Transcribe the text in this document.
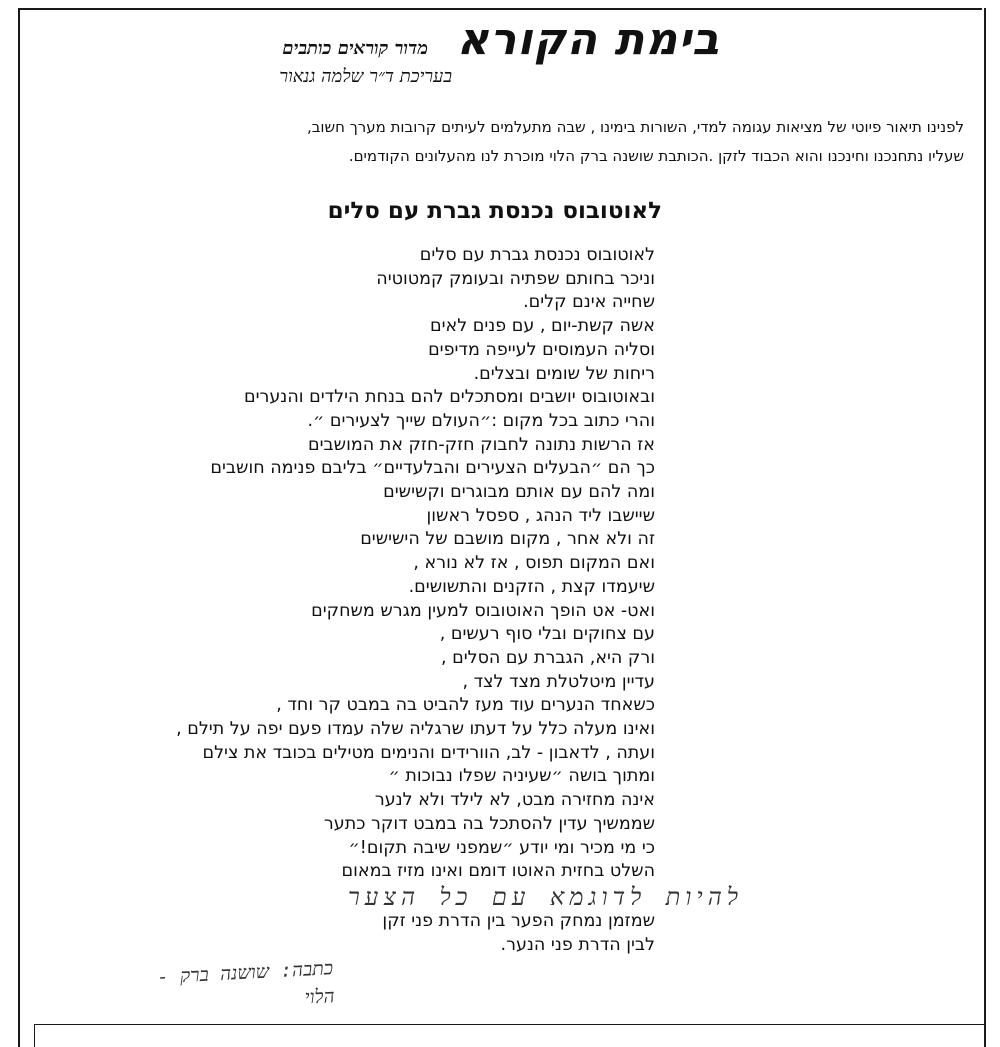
בימת הקורא
מדור קוראים כותבים
בעריכת ד״ר שלמה גנאור
לפנינו תיאור פיוטי של מציאות עגומה למדי, השורות בימינו , שבה מתעלמים לעיתים קרובות מערך חשוב,
שעליו נתחנכנו וחינכנו והוא הכבוד לזקן .הכותבת שושנה ברק הלוי מוכרת לנו מהעלונים הקודמים.
לאוטובוס נכנסת גברת עם סלים
לאוטובוס נכנסת גברת עם סלים
וניכר בחותם שפתיה ובעומק קמטוטיה
שחייה אינם קלים.
אשה קשת-יום , עם פנים לאים
וסליה העמוסים לעייפה מדיפים
ריחות של שומים ובצלים.
ובאוטובוס יושבים ומסתכלים להם בנחת הילדים והנערים
והרי כתוב בכל מקום :״העולם שייך לצעירים ״.
אז הרשות נתונה לחבוק חזק-חזק את המושבים
כך הם ״הבעלים הצעירים והבלעדיים״ בליבם פנימה חושבים
ומה להם עם אותם מבוגרים וקשישים
שיישבו ליד הנהג , ספסל ראשון
זה ולא אחר , מקום מושבם של הישישים
ואם המקום תפוס , אז לא נורא ,
שיעמדו קצת , הזקנים והתשושים.
ואט- אט הופך האוטובוס למעין מגרש משחקים
עם צחוקים ובלי סוף רעשים ,
ורק היא, הגברת עם הסלים ,
עדיין מיטלטלת מצד לצד ,
כשאחד הנערים עוד מעז להביט בה במבט קר וחד ,
ואינו מעלה כלל על דעתו שרגליה שלה עמדו פעם יפה על תילם ,
ועתה , לדאבון - לב, הוורידים והנימים מטילים בכובד את צילם
ומתוך בושה ״שעיניה שפלו נבוכות ״
אינה מחזירה מבט, לא לילד ולא לנער
שממשיך עדין להסתכל בה במבט דוקר כתער
כי מי מכיר ומי יודע ״שמפני שיבה תקום!״
השלט בחזית האוטו דומם ואינו מזיז במאום
להיות לדוגמא עם כל הצער
שמזמן נמחק הפער בין הדרת פני זקן
לבין הדרת פני הנער.
כתבה: שושנה ברק -
הלוי
